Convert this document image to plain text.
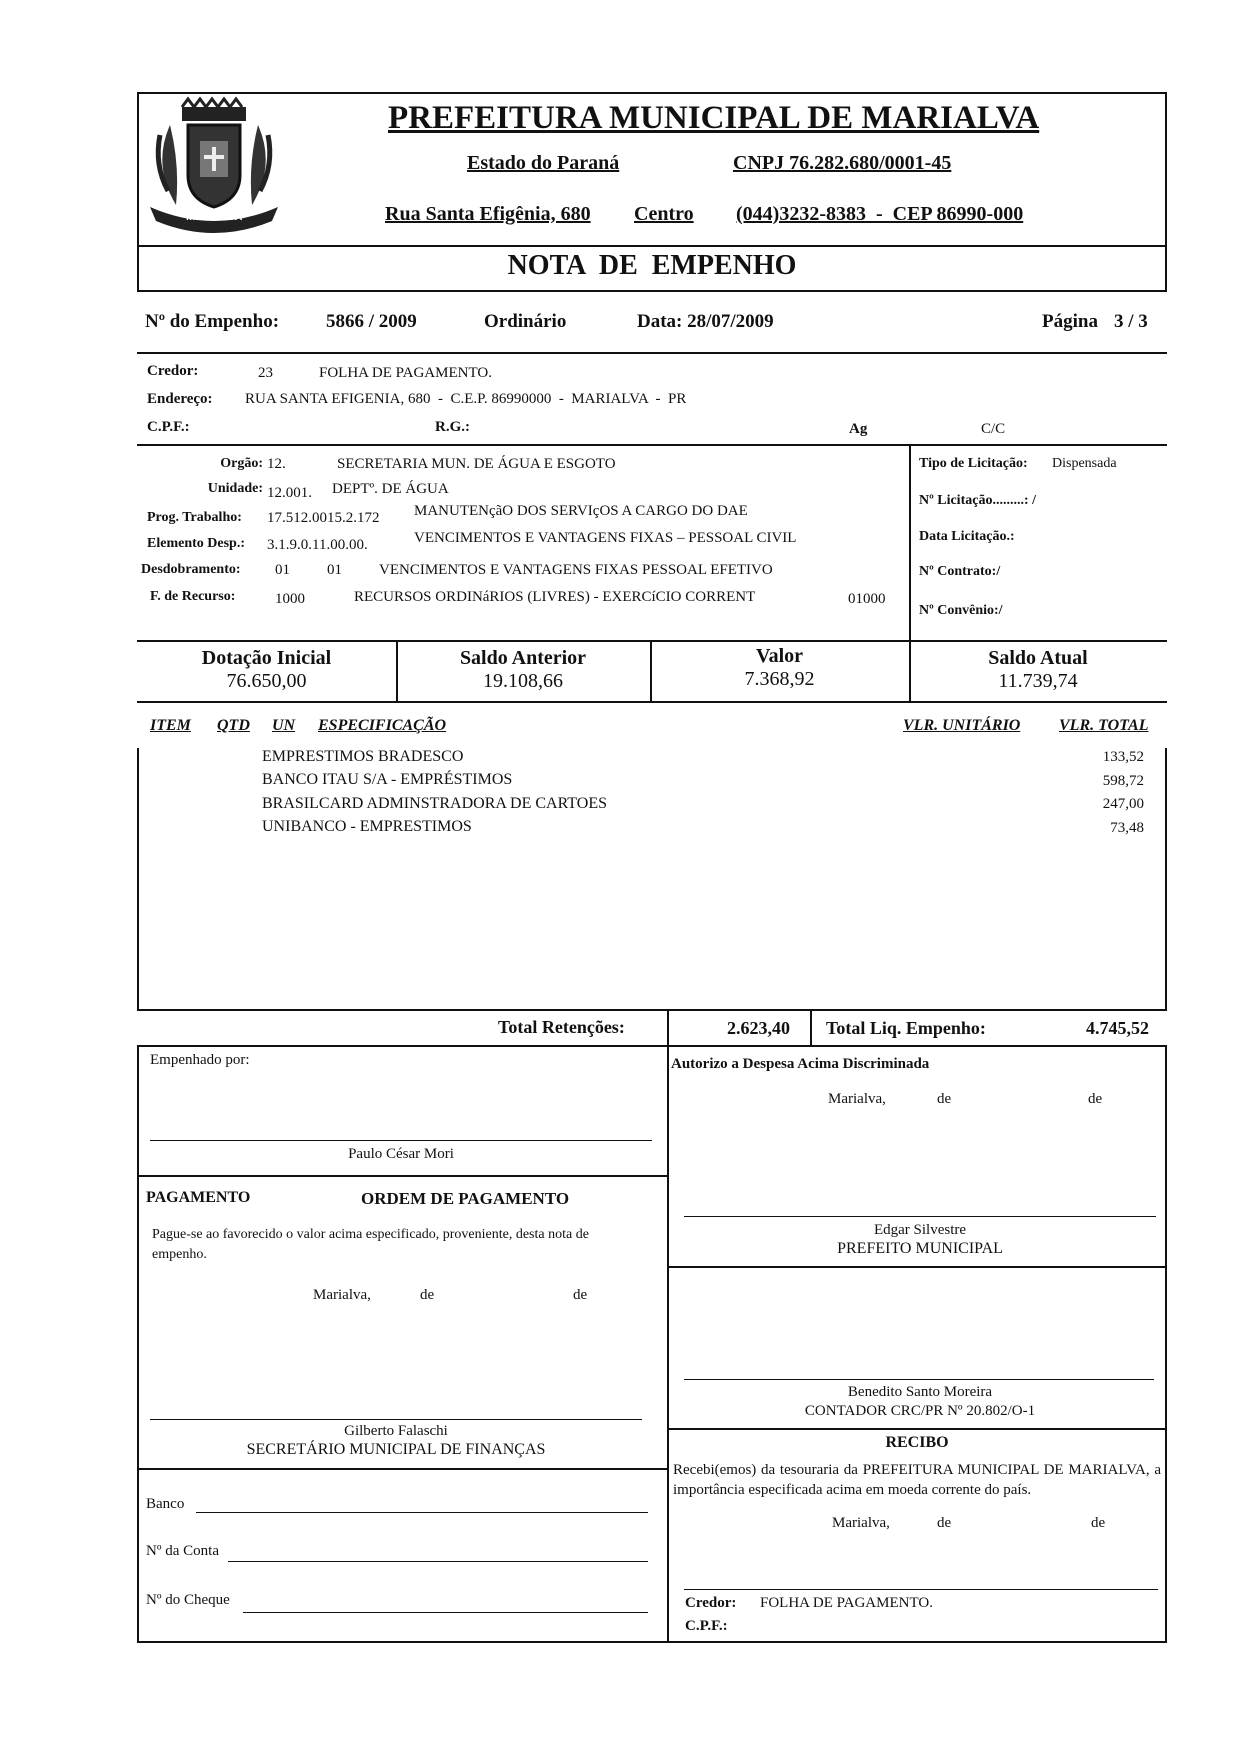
MARIALVA
PREFEITURA MUNICIPAL DE MARIALVA
Estado do Paraná	CNPJ 76.282.680/0001-45
Rua Santa Efigênia, 680 Centro (044)3232-8383  -  CEP 86990-000
NOTA  DE  EMPENHO
Nº do Empenho: 5866 / 2009	Ordinário	Data: 28/07/2009	Página 3 / 3
Credor:	23	FOLHA DE PAGAMENTO.
Endereço: RUA SANTA EFIGENIA, 680  -  C.E.P. 86990000  -  MARIALVA  -  PR
C.P.F.:	R.G.:	Ag	C/C
Orgão: 12.	SECRETARIA MUN. DE ÁGUA E ESGOTO
Unidade: 12.001. DEPTº. DE ÁGUA
Prog. Trabalho: 17.512.0015.2.172 MANUTENçãO DOS SERVIçOS A CARGO DO DAE
Elemento Desp.: 3.1.9.0.11.00.00.	VENCIMENTOS E VANTAGENS FIXAS – PESSOAL CIVIL
Desdobramento: 01 01 VENCIMENTOS E VANTAGENS FIXAS PESSOAL EFETIVO
F. de Recurso:	1000	RECURSOS ORDINáRIOS (LIVRES) - EXERCíCIO CORRENT	01000
Tipo de Licitação: Dispensada
Nº Licitação.........: /
Data Licitação.:
Nº Contrato:/
Nº Convênio:/
Dotação Inicial
76.650,00
Saldo Anterior
19.108,66
Valor
7.368,92
Saldo Atual
11.739,74
ITEM QTD UN ESPECIFICAÇÃO	VLR. UNITÁRIO VLR. TOTAL
EMPRESTIMOS BRADESCO	133,52
BANCO ITAU S/A - EMPRÉSTIMOS	598,72
BRASILCARD ADMINSTRADORA DE CARTOES	247,00
UNIBANCO - EMPRESTIMOS	73,48
Total Retenções:	2.623,40 Total Liq. Empenho:	4.745,52
Empenhado por:
Paulo César Mori
PAGAMENTO	ORDEM DE PAGAMENTO
Pague-se ao favorecido o valor acima especificado, proveniente, desta nota de empenho.
Marialva,	de	de
Gilberto Falaschi
SECRETÁRIO MUNICIPAL DE FINANÇAS
Banco
Nº da Conta
Nº do Cheque
Autorizo a Despesa Acima Discriminada
Marialva,	de	de
Edgar Silvestre
PREFEITO MUNICIPAL
Benedito Santo Moreira
CONTADOR CRC/PR Nº 20.802/O-1
RECIBO
Recebi(emos) da tesouraria da PREFEITURA MUNICIPAL DE MARIALVA, a importância especificada acima em moeda corrente do país.
Marialva,	de	de
Credor: FOLHA DE PAGAMENTO.
C.P.F.:
